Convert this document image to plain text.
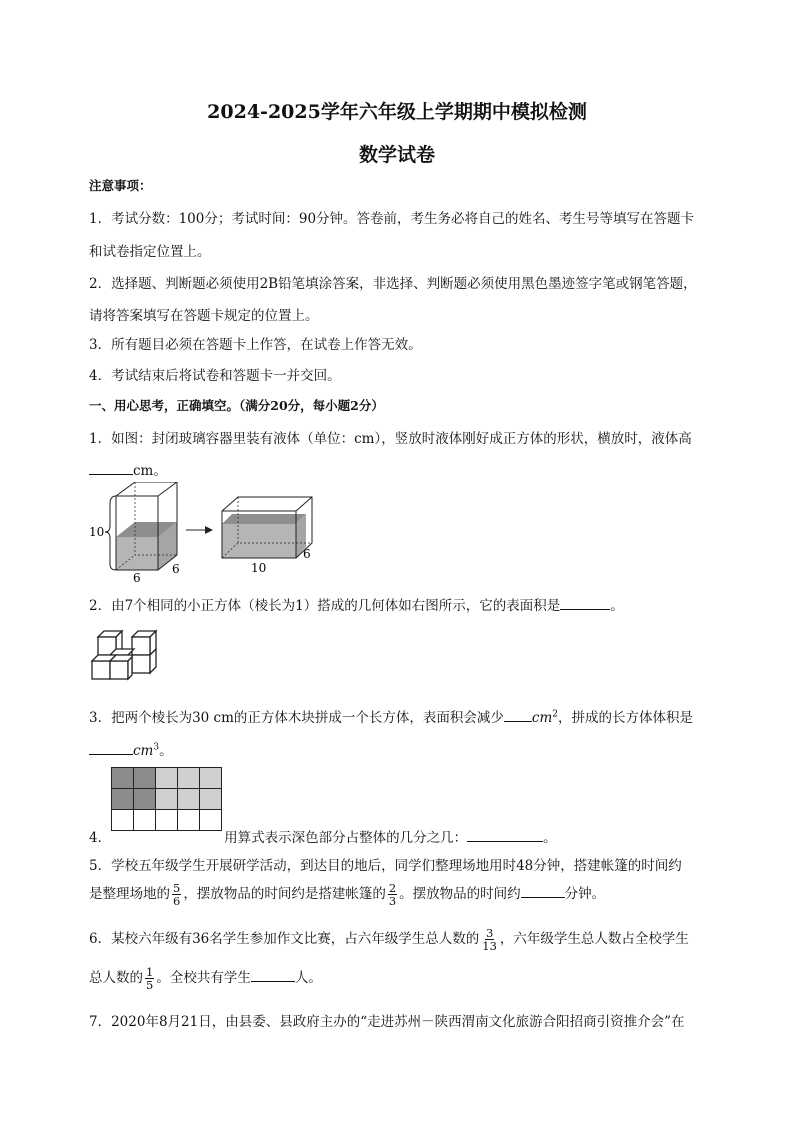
2024-2025学年六年级上学期期中模拟检测
数学试卷
注意事项：
1．考试分数：100分；考试时间：90分钟。答卷前，考生务必将自己的姓名、考生号等填写在答题卡
和试卷指定位置上。
2．选择题、判断题必须使用2B铅笔填涂答案，非选择、判断题必须使用黑色墨迹签字笔或钢笔答题，
请将答案填写在答题卡规定的位置上。
3．所有题目必须在答题卡上作答，在试卷上作答无效。
4．考试结束后将试卷和答题卡一并交回。
一、用心思考，正确填空。（满分20分，每小题2分）
1．如图：封闭玻璃容器里装有液体（单位：cm），竖放时液体刚好成正方体的形状，横放时，液体高
cm。
10
6
6	10
6
2．由7个相同的小正方体（棱长为1）搭成的几何体如右图所示，它的表面积是	。
3．把两个棱长为30 cm的正方体木块拼成一个长方体，表面积会减少 $cm^2$，拼成的长方体体积是
$cm^3$。
4．	用算式表示深色部分占整体的几分之几：	。
5．学校五年级学生开展研学活动，到达目的地后，同学们整理场地用时48分钟，搭建帐篷的时间约
是整理场地的 $\frac{5}{6}$ ，摆放物品的时间约是搭建帐篷的 $\frac{2}{3}$ 。摆放物品的时间约	分钟。
6．某校六年级有36名学生参加作文比赛，占六年级学生总人数的 $\frac{3}{13}$ ，六年级学生总人数占全校学生
总人数的 $\frac{1}{5}$ 。全校共有学生	人。
7．2020年8月21日，由县委、县政府主办的“走进苏州－陕西渭南文化旅游合阳招商引资推介会”在
